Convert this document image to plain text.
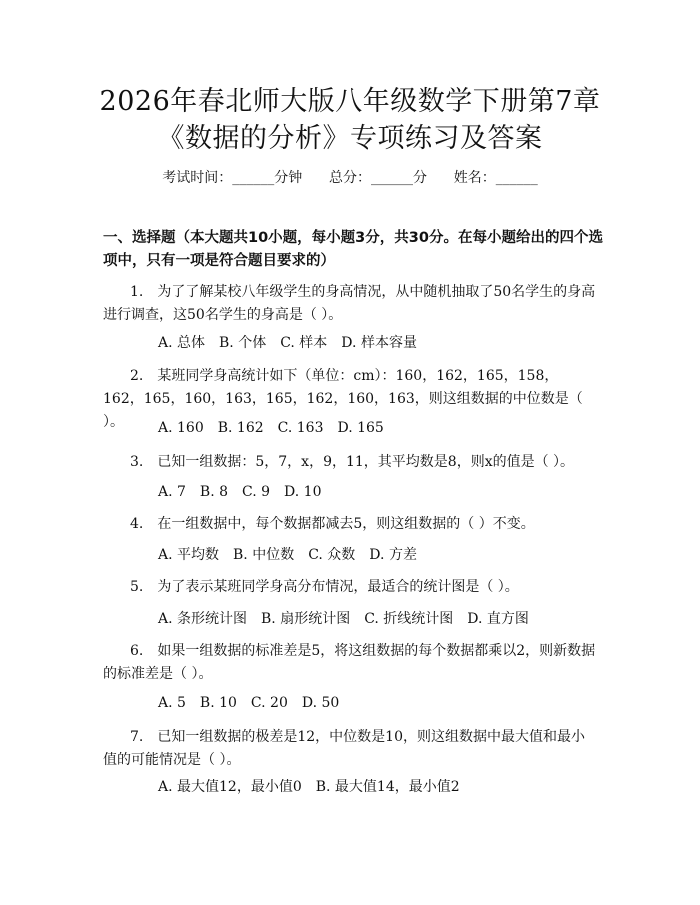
2026年春北师大版八年级数学下册第7章
《数据的分析》专项练习及答案
考试时间：______分钟 总分：______分 姓名：______

一、选择题（本大题共10小题，每小题3分，共30分。在每小题给出的四个选项中，只有一项是符合题目要求的）

1.　为了了解某校八年级学生的身高情况，从中随机抽取了50名学生的身高进行调查，这50名学生的身高是（ ）。

A. 总体　B. 个体　C. 样本　D. 样本容量

2.　某班同学身高统计如下（单位：cm）：160，162，165，158，162，165，160，163，165，162，160，163，则这组数据的中位数是（ ）。	A. 160　B. 162　C. 163　D. 165

3.　已知一组数据：5，7，x，9，11，其平均数是8，则x的值是（ ）。

A. 7　B. 8　C. 9　D. 10

4.　在一组数据中，每个数据都减去5，则这组数据的（ ）不变。

A. 平均数　B. 中位数　C. 众数　D. 方差

5.　为了表示某班同学身高分布情况，最适合的统计图是（ ）。

A. 条形统计图　B. 扇形统计图　C. 折线统计图　D. 直方图

6.　如果一组数据的标准差是5，将这组数据的每个数据都乘以2，则新数据的标准差是（ ）。

A. 5　B. 10　C. 20　D. 50

7.　已知一组数据的极差是12，中位数是10，则这组数据中最大值和最小值的可能情况是（ ）。

A. 最大值12，最小值0　B. 最大值14，最小值2
